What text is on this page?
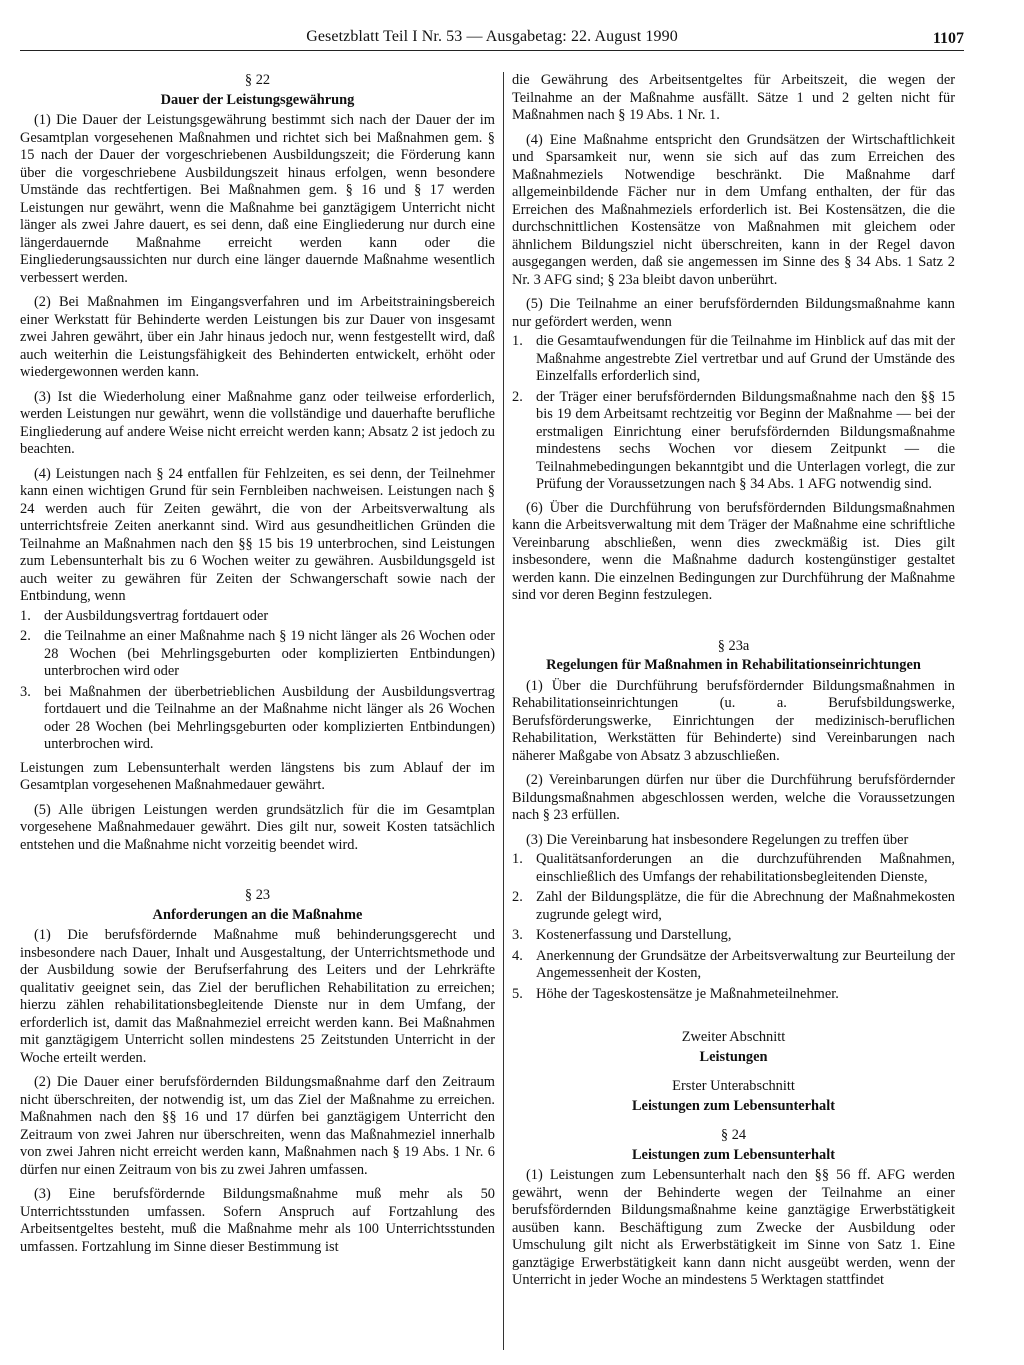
Gesetzblatt Teil I Nr. 53 — Ausgabetag: 22. August 1990	1107
§ 22
Dauer der Leistungsgewährung

(1) Die Dauer der Leistungsgewährung bestimmt sich nach der Dauer der im Gesamtplan vorgesehenen Maßnahmen und richtet sich bei Maßnahmen gem. § 15 nach der Dauer der vorgeschriebenen Ausbildungszeit; die Förderung kann über die vorgeschriebene Ausbildungszeit hinaus erfolgen, wenn besondere Umstände das rechtfertigen. Bei Maßnahmen gem. § 16 und § 17 werden Leistungen nur gewährt, wenn die Maßnahme bei ganztägigem Unterricht nicht länger als zwei Jahre dauert, es sei denn, daß eine Eingliederung nur durch eine längerdauernde Maßnahme erreicht werden kann oder die Eingliederungsaussichten nur durch eine länger dauernde Maßnahme wesentlich verbessert werden.

(2) Bei Maßnahmen im Eingangsverfahren und im Arbeitstrainingsbereich einer Werkstatt für Behinderte werden Leistungen bis zur Dauer von insgesamt zwei Jahren gewährt, über ein Jahr hinaus jedoch nur, wenn festgestellt wird, daß auch weiterhin die Leistungsfähigkeit des Behinderten entwickelt, erhöht oder wiedergewonnen werden kann.

(3) Ist die Wiederholung einer Maßnahme ganz oder teilweise erforderlich, werden Leistungen nur gewährt, wenn die vollständige und dauerhafte berufliche Eingliederung auf andere Weise nicht erreicht werden kann; Absatz 2 ist jedoch zu beachten.

(4) Leistungen nach § 24 entfallen für Fehlzeiten, es sei denn, der Teilnehmer kann einen wichtigen Grund für sein Fernbleiben nachweisen. Leistungen nach § 24 werden auch für Zeiten gewährt, die von der Arbeitsverwaltung als unterrichtsfreie Zeiten anerkannt sind. Wird aus gesundheitlichen Gründen die Teilnahme an Maßnahmen nach den §§ 15 bis 19 unterbrochen, sind Leistungen zum Lebensunterhalt bis zu 6 Wochen weiter zu gewähren. Ausbildungsgeld ist auch weiter zu gewähren für Zeiten der Schwangerschaft sowie nach der Entbindung, wenn

1. der Ausbildungsvertrag fortdauert oder
2. die Teilnahme an einer Maßnahme nach § 19 nicht länger als 26 Wochen oder 28 Wochen (bei Mehrlingsgeburten oder komplizierten Entbindungen) unterbrochen wird oder
3. bei Maßnahmen der überbetrieblichen Ausbildung der Ausbildungsvertrag fortdauert und die Teilnahme an der Maßnahme nicht länger als 26 Wochen oder 28 Wochen (bei Mehrlingsgeburten oder komplizierten Entbindungen) unterbrochen wird.

Leistungen zum Lebensunterhalt werden längstens bis zum Ablauf der im Gesamtplan vorgesehenen Maßnahmedauer gewährt.

(5) Alle übrigen Leistungen werden grundsätzlich für die im Gesamtplan vorgesehene Maßnahmedauer gewährt. Dies gilt nur, soweit Kosten tatsächlich entstehen und die Maßnahme nicht vorzeitig beendet wird.

§ 23
Anforderungen an die Maßnahme

(1) Die berufsfördernde Maßnahme muß behinderungsgerecht und insbesondere nach Dauer, Inhalt und Ausgestaltung, der Unterrichtsmethode und der Ausbildung sowie der Berufserfahrung des Leiters und der Lehrkräfte qualitativ geeignet sein, das Ziel der beruflichen Rehabilitation zu erreichen; hierzu zählen rehabilitationsbegleitende Dienste nur in dem Umfang, der erforderlich ist, damit das Maßnahmeziel erreicht werden kann. Bei Maßnahmen mit ganztägigem Unterricht sollen mindestens 25 Zeitstunden Unterricht in der Woche erteilt werden.

(2) Die Dauer einer berufsfördernden Bildungsmaßnahme darf den Zeitraum nicht überschreiten, der notwendig ist, um das Ziel der Maßnahme zu erreichen. Maßnahmen nach den §§ 16 und 17 dürfen bei ganztägigem Unterricht den Zeitraum von zwei Jahren nur überschreiten, wenn das Maßnahmeziel innerhalb von zwei Jahren nicht erreicht werden kann, Maßnahmen nach § 19 Abs. 1 Nr. 6 dürfen nur einen Zeitraum von bis zu zwei Jahren umfassen.

(3) Eine berufsfördernde Bildungsmaßnahme muß mehr als 50 Unterrichtsstunden umfassen. Sofern Anspruch auf Fortzahlung des Arbeitsentgeltes besteht, muß die Maßnahme mehr als 100 Unterrichtsstunden umfassen. Fortzahlung im Sinne dieser Bestimmung ist

die Gewährung des Arbeitsentgeltes für Arbeitszeit, die wegen der Teilnahme an der Maßnahme ausfällt. Sätze 1 und 2 gelten nicht für Maßnahmen nach § 19 Abs. 1 Nr. 1.

(4) Eine Maßnahme entspricht den Grundsätzen der Wirtschaftlichkeit und Sparsamkeit nur, wenn sie sich auf das zum Erreichen des Maßnahmeziels Notwendige beschränkt. Die Maßnahme darf allgemeinbildende Fächer nur in dem Umfang enthalten, der für das Erreichen des Maßnahmeziels erforderlich ist. Bei Kostensätzen, die die durchschnittlichen Kostensätze von Maßnahmen mit gleichem oder ähnlichem Bildungsziel nicht überschreiten, kann in der Regel davon ausgegangen werden, daß sie angemessen im Sinne des § 34 Abs. 1 Satz 2 Nr. 3 AFG sind; § 23a bleibt davon unberührt.

(5) Die Teilnahme an einer berufsfördernden Bildungsmaßnahme kann nur gefördert werden, wenn

1. die Gesamtaufwendungen für die Teilnahme im Hinblick auf das mit der Maßnahme angestrebte Ziel vertretbar und auf Grund der Umstände des Einzelfalls erforderlich sind,
2. der Träger einer berufsfördernden Bildungsmaßnahme nach den §§ 15 bis 19 dem Arbeitsamt rechtzeitig vor Beginn der Maßnahme — bei der erstmaligen Einrichtung einer berufsfördernden Bildungsmaßnahme mindestens sechs Wochen vor diesem Zeitpunkt — die Teilnahmebedingungen bekanntgibt und die Unterlagen vorlegt, die zur Prüfung der Voraussetzungen nach § 34 Abs. 1 AFG notwendig sind.

(6) Über die Durchführung von berufsfördernden Bildungsmaßnahmen kann die Arbeitsverwaltung mit dem Träger der Maßnahme eine schriftliche Vereinbarung abschließen, wenn dies zweckmäßig ist. Dies gilt insbesondere, wenn die Maßnahme dadurch kostengünstiger gestaltet werden kann. Die einzelnen Bedingungen zur Durchführung der Maßnahme sind vor deren Beginn festzulegen.

§ 23a
Regelungen für Maßnahmen in Rehabilitationseinrichtungen

(1) Über die Durchführung berufsfördernder Bildungsmaßnahmen in Rehabilitationseinrichtungen (u. a. Berufsbildungswerke, Berufsförderungswerke, Einrichtungen der medizinisch-beruflichen Rehabilitation, Werkstätten für Behinderte) sind Vereinbarungen nach näherer Maßgabe von Absatz 3 abzuschließen.

(2) Vereinbarungen dürfen nur über die Durchführung berufsfördernder Bildungsmaßnahmen abgeschlossen werden, welche die Voraussetzungen nach § 23 erfüllen.

(3) Die Vereinbarung hat insbesondere Regelungen zu treffen über

1. Qualitätsanforderungen an die durchzuführenden Maßnahmen, einschließlich des Umfangs der rehabilitationsbegleitenden Dienste,
2. Zahl der Bildungsplätze, die für die Abrechnung der Maßnahmekosten zugrunde gelegt wird,
3. Kostenerfassung und Darstellung,
4. Anerkennung der Grundsätze der Arbeitsverwaltung zur Beurteilung der Angemessenheit der Kosten,
5. Höhe der Tageskostensätze je Maßnahmeteilnehmer.
Zweiter Abschnitt
Leistungen
Erster Unterabschnitt
Leistungen zum Lebensunterhalt
§ 24
Leistungen zum Lebensunterhalt

(1) Leistungen zum Lebensunterhalt nach den §§ 56 ff. AFG werden gewährt, wenn der Behinderte wegen der Teilnahme an einer berufsfördernden Bildungsmaßnahme keine ganztägige Erwerbstätigkeit ausüben kann. Beschäftigung zum Zwecke der Ausbildung oder Umschulung gilt nicht als Erwerbstätigkeit im Sinne von Satz 1. Eine ganztägige Erwerbstätigkeit kann dann nicht ausgeübt werden, wenn der Unterricht in jeder Woche an mindestens 5 Werktagen stattfindet
